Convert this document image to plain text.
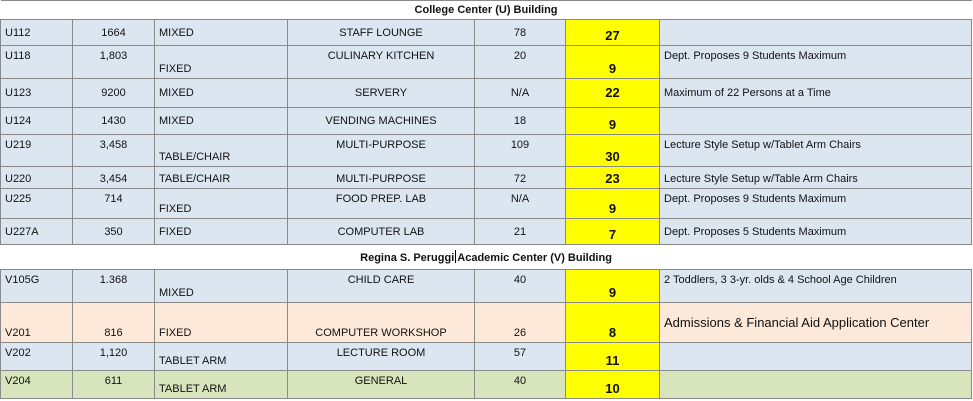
College Center (U) Building						
U112	1664	MIXED	STAFF LOUNGE	78	27	
U118	1,803	FIXED	CULINARY KITCHEN	20	9	Dept. Proposes 9 Students Maximum
U123	9200	MIXED	SERVERY	N/A	22	Maximum of 22 Persons at a Time
U124	1430	MIXED	VENDING MACHINES	18	9	
U219	3,458	TABLE/CHAIR	MULTI-PURPOSE	109	30	Lecture Style Setup w/Tablet Arm Chairs
U220	3,454	TABLE/CHAIR	MULTI-PURPOSE	72	23	Lecture Style Setup w/Table Arm Chairs
U225	714	FIXED	FOOD PREP. LAB	N/A	9	Dept. Proposes 9 Students Maximum
U227A	350	FIXED	COMPUTER LAB	21	7	Dept. Proposes 5 Students Maximum
Regina S. Peruggi Academic Center (V) Building						
V105G	1.368	MIXED	CHILD CARE	40	9	2 Toddlers, 3 3-yr. olds & 4 School Age Children
V201	816	FIXED	COMPUTER WORKSHOP	26	8	Admissions & Financial Aid Application Center
V202	1,120	TABLET ARM	LECTURE ROOM	57	11	
V204	611	TABLET ARM	GENERAL	40	10	
